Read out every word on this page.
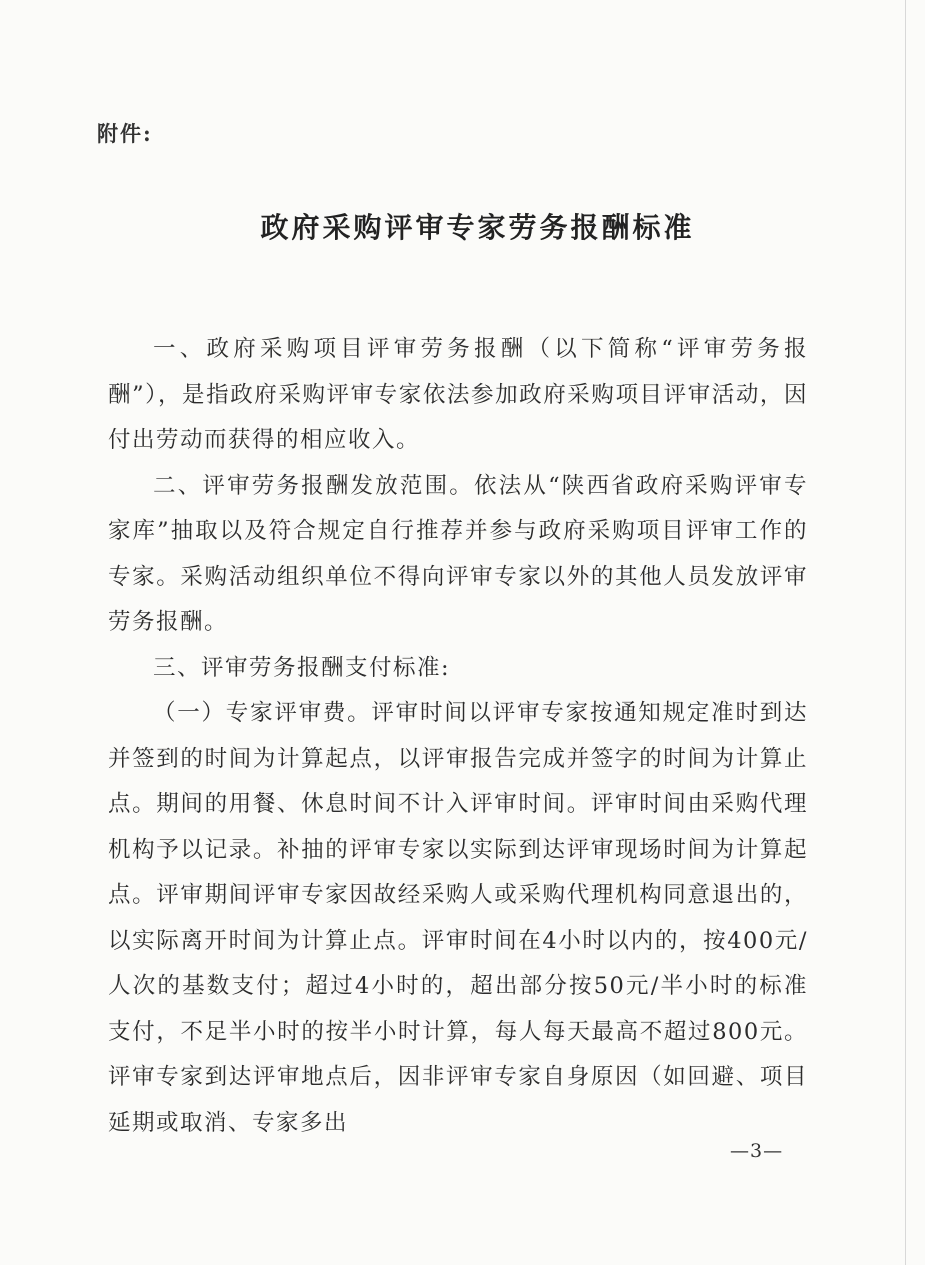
附件:
政府采购评审专家劳务报酬标准

一、政府采购项目评审劳务报酬（以下简称“评审劳务报酬”），是指政府采购评审专家依法参加政府采购项目评审活动，因付出劳动而获得的相应收入。

二、评审劳务报酬发放范围。依法从“陕西省政府采购评审专家库”抽取以及符合规定自行推荐并参与政府采购项目评审工作的专家。采购活动组织单位不得向评审专家以外的其他人员发放评审劳务报酬。

三、评审劳务报酬支付标准:

（一）专家评审费。评审时间以评审专家按通知规定准时到达并签到的时间为计算起点，以评审报告完成并签字的时间为计算止点。期间的用餐、休息时间不计入评审时间。评审时间由采购代理机构予以记录。补抽的评审专家以实际到达评审现场时间为计算起点。评审期间评审专家因故经采购人或采购代理机构同意退出的，以实际离开时间为计算止点。评审时间在4小时以内的，按400元/人次的基数支付；超过4小时的，超出部分按50元/半小时的标准支付，不足半小时的按半小时计算，每人每天最高不超过800元。评审专家到达评审地点后，因非评审专家自身原因（如回避、项目延期或取消、专家多出

—3—
